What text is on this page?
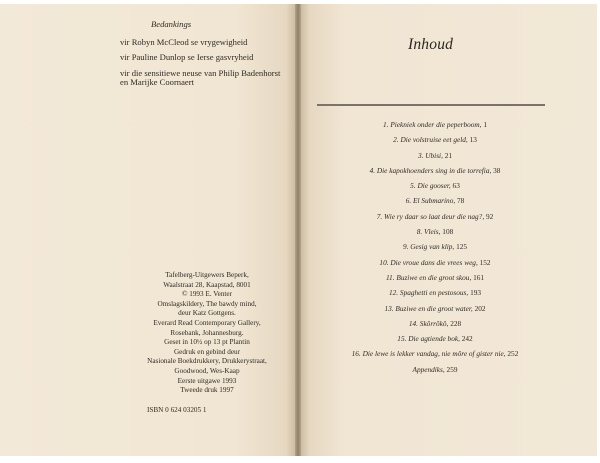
Bedankings
vir Robyn McCleod se vrygewigheid
vir Pauline Dunlop se Ierse gasvryheid
vir die sensitiewe neuse van Philip Badenhorst
en Marijke Coornaert
Tafelberg-Uitgewers Beperk,
Waalstraat 28, Kaapstad, 8001
© 1993 E. Venter
Omslagskildery, The bawdy mind,
deur Katz Gottgens.
Everard Read Contemporary Gallery,
Rosebank, Johannesburg.
Geset in 10½ op 13 pt Plantin
Gedruk en gebind deur
Nasionale Boekdrukkery, Drukkerystraat,
Goodwood, Wes-Kaap
Eerste uitgawe 1993
Tweede druk 1997
ISBN 0 624 03205 1
Inhoud
1. Piekniek onder die peperboom, 1
2. Die volstruise eet geld, 13
3. Ubisi, 21
4. Die kapokhoenders sing in die torrefia, 38
5. Die gooser, 63
6. El Submarino, 78
7. Wie ry daar so laat deur die nag?, 92
8. Vleis, 108
9. Gesig van klip, 125
10. Die vroue dans die vrees weg, 152
11. Buziwe en die groot skou, 161
12. Spaghetti en pestosous, 193
13. Buziwe en die groot water, 202
14. Skôrrôkô, 228
15. Die agtiende bok, 242
16. Die lewe is lekker vandag, nie môre of gister nie, 252
Appendiks, 259
